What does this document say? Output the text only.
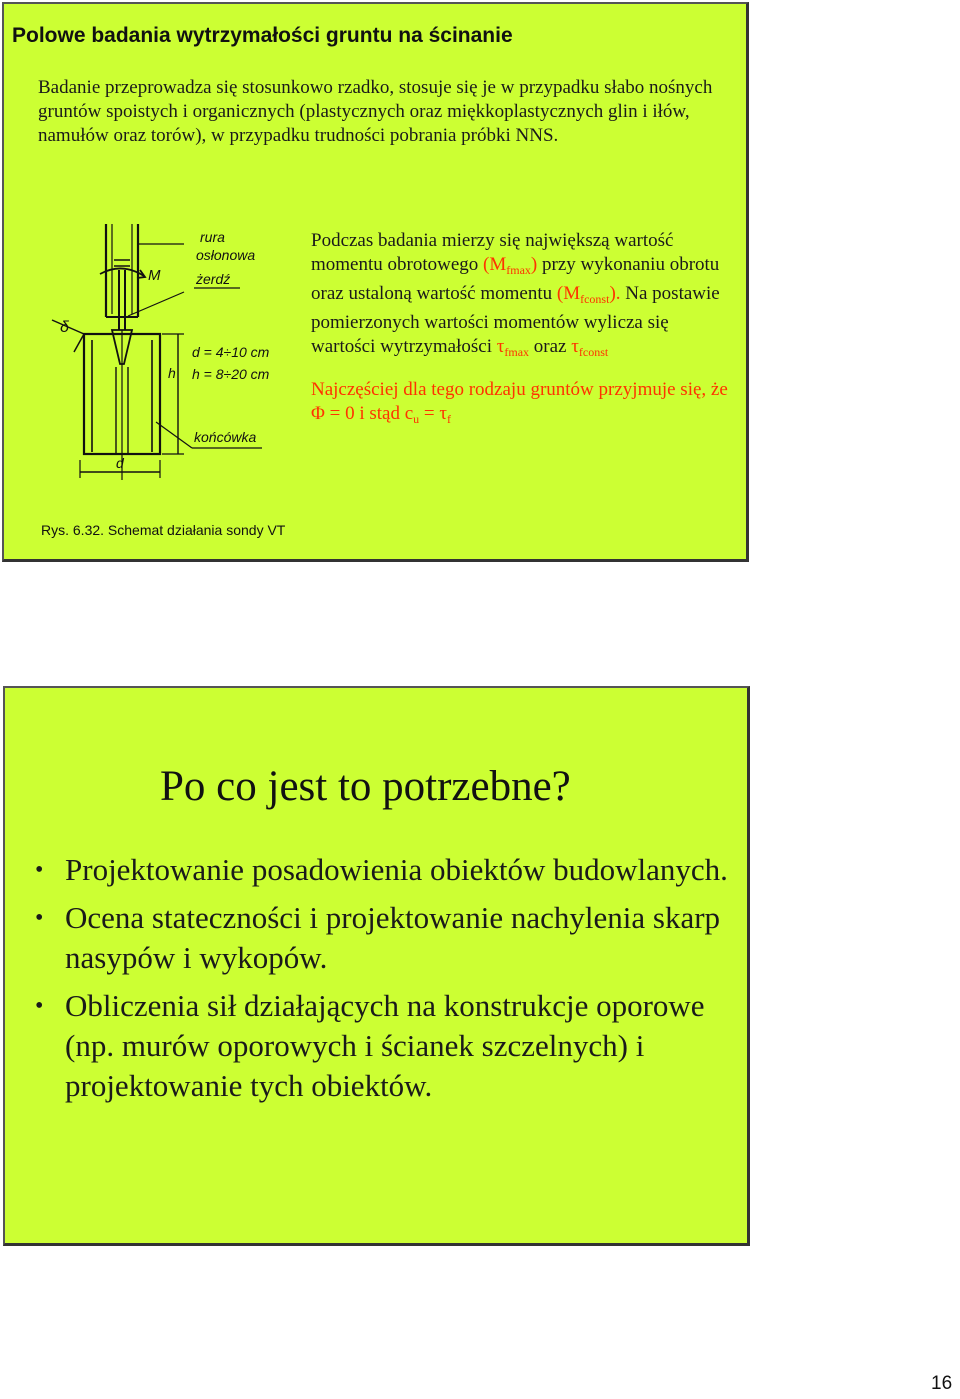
Polowe badania wytrzymałości gruntu na ścinanie

Badanie przeprowadza się stosunkowo rzadko, stosuje się je w przypadku słabo nośnych gruntów spoistych i organicznych (plastycznych oraz miękkoplastycznych glin i iłów, namułów oraz torów), w przypadku trudności pobrania próbki NNS.

rura
osłonowa
M	żerdź
δ
h
d = 4÷10 cm
h = 8÷20 cm
końcówka
d

Podczas badania mierzy się największą wartość momentu obrotowego $(M_{fmax})$ przy wykonaniu obrotu oraz ustaloną wartość momentu $(M_{fconst})$. Na postawie pomierzonych wartości momentów wylicza się wartości wytrzymałości $\tau_{fmax}$ oraz $\tau_{fconst}$

Najczęściej dla tego rodzaju gruntów przyjmuje się, że Φ = 0 i stąd $c_u = \tau_f$

Rys. 6.32. Schemat działania sondy VT

Po co jest to potrzebne?
• Projektowanie posadowienia obiektów budowlanych.
• Ocena stateczności i projektowanie nachylenia skarp nasypów i wykopów.
• Obliczenia sił działających na konstrukcje oporowe (np. murów oporowych i ścianek szczelnych) i projektowanie tych obiektów.
16
